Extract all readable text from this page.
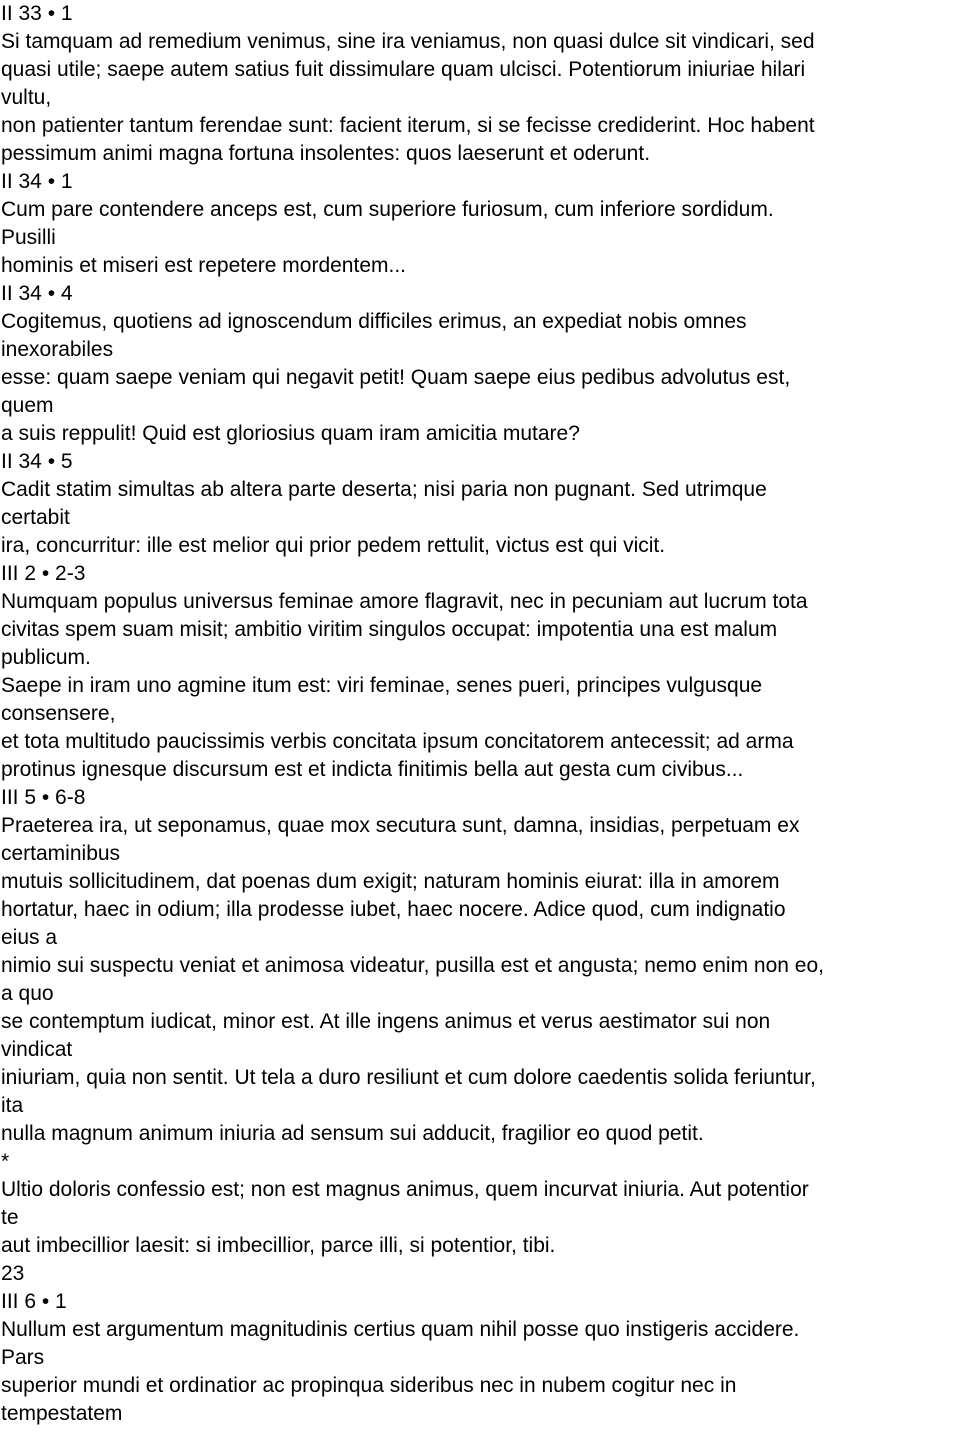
II 33 • 1
Si tamquam ad remedium venimus, sine ira veniamus, non quasi dulce sit vindicari, sed
quasi utile; saepe autem satius fuit dissimulare quam ulcisci. Potentiorum iniuriae hilari
vultu,
non patienter tantum ferendae sunt: facient iterum, si se fecisse crediderint. Hoc habent
pessimum animi magna fortuna insolentes: quos laeserunt et oderunt.
II 34 • 1
Cum pare contendere anceps est, cum superiore furiosum, cum inferiore sordidum.
Pusilli
hominis et miseri est repetere mordentem...
II 34 • 4
Cogitemus, quotiens ad ignoscendum difficiles erimus, an expediat nobis omnes
inexorabiles
esse: quam saepe veniam qui negavit petit! Quam saepe eius pedibus advolutus est,
quem
a suis reppulit! Quid est gloriosius quam iram amicitia mutare?
II 34 • 5
Cadit statim simultas ab altera parte deserta; nisi paria non pugnant. Sed utrimque
certabit
ira, concurritur: ille est melior qui prior pedem rettulit, victus est qui vicit.
III 2 • 2-3
Numquam populus universus feminae amore flagravit, nec in pecuniam aut lucrum tota
civitas spem suam misit; ambitio viritim singulos occupat: impotentia una est malum
publicum.
Saepe in iram uno agmine itum est: viri feminae, senes pueri, principes vulgusque
consensere,
et tota multitudo paucissimis verbis concitata ipsum concitatorem antecessit; ad arma
protinus ignesque discursum est et indicta finitimis bella aut gesta cum civibus...
III 5 • 6-8
Praeterea ira, ut seponamus, quae mox secutura sunt, damna, insidias, perpetuam ex
certaminibus
mutuis sollicitudinem, dat poenas dum exigit; naturam hominis eiurat: illa in amorem
hortatur, haec in odium; illa prodesse iubet, haec nocere. Adice quod, cum indignatio
eius a
nimio sui suspectu veniat et animosa videatur, pusilla est et angusta; nemo enim non eo,
a quo
se contemptum iudicat, minor est. At ille ingens animus et verus aestimator sui non
vindicat
iniuriam, quia non sentit. Ut tela a duro resiliunt et cum dolore caedentis solida feriuntur,
ita
nulla magnum animum iniuria ad sensum sui adducit, fragilior eo quod petit.
*
Ultio doloris confessio est; non est magnus animus, quem incurvat iniuria. Aut potentior
te
aut imbecillior laesit: si imbecillior, parce illi, si potentior, tibi.
23
III 6 • 1
Nullum est argumentum magnitudinis certius quam nihil posse quo instigeris accidere.
Pars
superior mundi et ordinatior ac propinqua sideribus nec in nubem cogitur nec in
tempestatem
